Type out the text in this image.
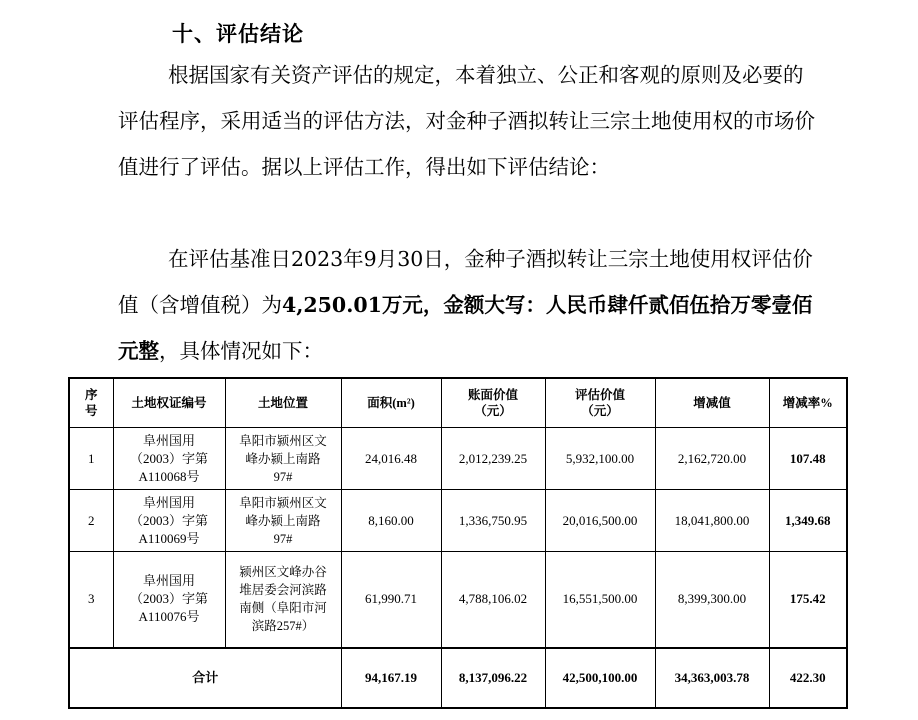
十、评估结论
根据国家有关资产评估的规定，本着独立、公正和客观的原则及必要的评估程序，采用适当的评估方法，对金种子酒拟转让三宗土地使用权的市场价值进行了评估。据以上评估工作，得出如下评估结论：
在评估基准日2023年9月30日，金种子酒拟转让三宗土地使用权评估价值（含增值税）为4,250.01万元，金额大写：人民币肆仟贰佰伍拾万零壹佰元整，具体情况如下：
序号	土地权证编号	土地位置	面积(m²)	账面价值（元）	评估价值（元）	增减值	增减率%
1	阜州国用（2003）字第A110068号	阜阳市颍州区文峰办颍上南路97#	24,016.48	2,012,239.25	5,932,100.00	2,162,720.00	107.48
2	阜州国用（2003）字第A110069号	阜阳市颍州区文峰办颍上南路97#	8,160.00	1,336,750.95	20,016,500.00	18,041,800.00	1,349.68
3	阜州国用（2003）字第A110076号	颍州区文峰办谷堆居委会河滨路南侧（阜阳市河滨路257#）	61,990.71	4,788,106.02	16,551,500.00	8,399,300.00	175.42
合计			94,167.19	8,137,096.22	42,500,100.00	34,363,003.78	422.30
